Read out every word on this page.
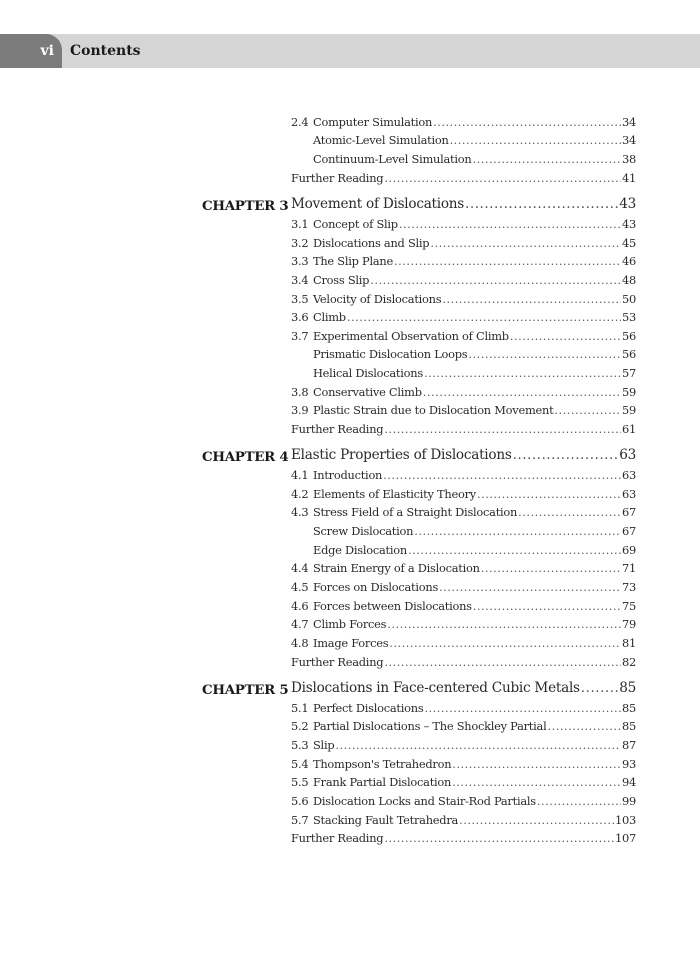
vi Contents
2.4 Computer Simulation .....	34
Atomic-Level Simulation .....	34
Continuum-Level Simulation .....	38
Further Reading .....	41
CHAPTER 3 Movement of Dislocations .....	43
3.1 Concept of Slip .....	43
3.2 Dislocations and Slip .....	45
3.3 The Slip Plane .....	46
3.4 Cross Slip .....	48
3.5 Velocity of Dislocations .....	50
3.6 Climb .....	53
3.7 Experimental Observation of Climb .....	56
Prismatic Dislocation Loops .....	56
Helical Dislocations .....	57
3.8 Conservative Climb .....	59
3.9 Plastic Strain due to Dislocation Movement .....	59
Further Reading .....	61
CHAPTER 4 Elastic Properties of Dislocations .....	63
4.1 Introduction .....	63
4.2 Elements of Elasticity Theory .....	63
4.3 Stress Field of a Straight Dislocation .....	67
Screw Dislocation .....	67
Edge Dislocation .....	69
4.4 Strain Energy of a Dislocation .....	71
4.5 Forces on Dislocations .....	73
4.6 Forces between Dislocations .....	75
4.7 Climb Forces .....	79
4.8 Image Forces .....	81
Further Reading .....	82
CHAPTER 5 Dislocations in Face-centered Cubic Metals .....	85
5.1 Perfect Dislocations .....	85
5.2 Partial Dislocations – The Shockley Partial .....	85
5.3 Slip .....	87
5.4 Thompson's Tetrahedron .....	93
5.5 Frank Partial Dislocation .....	94
5.6 Dislocation Locks and Stair-Rod Partials .....	99
5.7 Stacking Fault Tetrahedra .....	103
Further Reading .....	107
